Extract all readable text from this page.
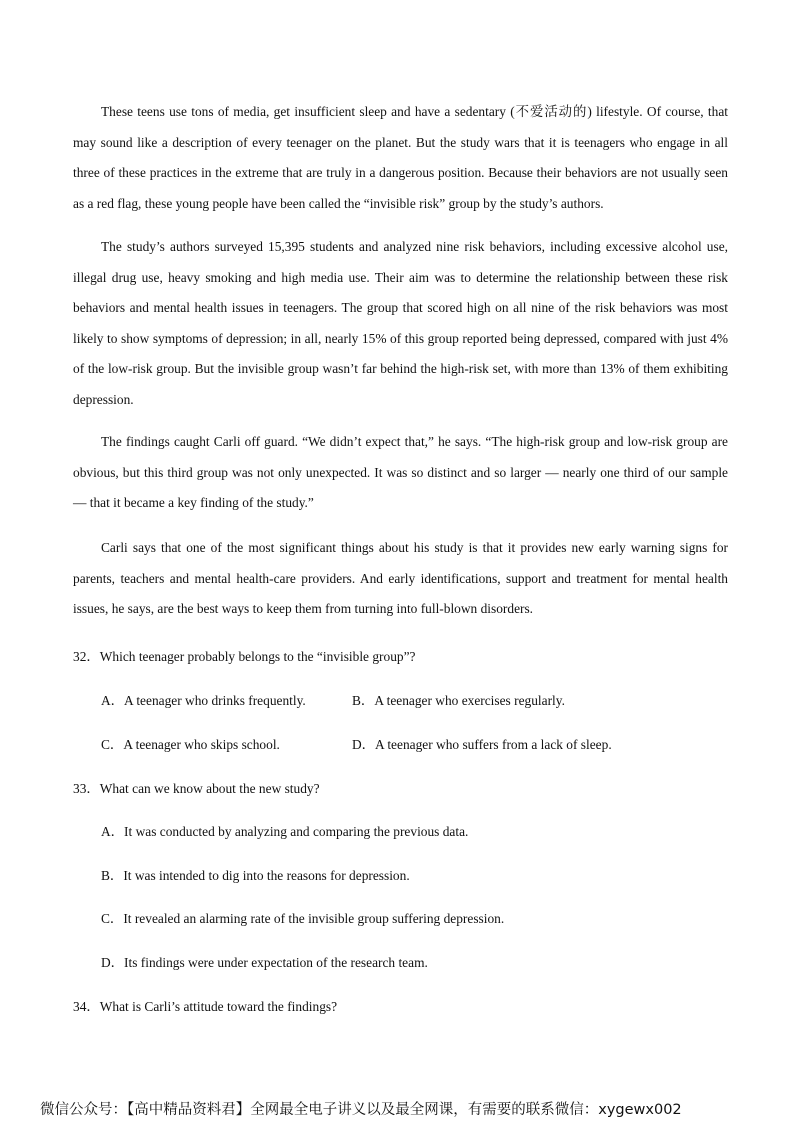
These teens use tons of media, get insufficient sleep and have a sedentary (不爱活动的) lifestyle. Of course, that may sound like a description of every teenager on the planet. But the study wars that it is teenagers who engage in all three of these practices in the extreme that are truly in a dangerous position. Because their behaviors are not usually seen as a red flag, these young people have been called the “invisible risk” group by the study’s authors.

The study’s authors surveyed 15,395 students and analyzed nine risk behaviors, including excessive alcohol use, illegal drug use, heavy smoking and high media use. Their aim was to determine the relationship between these risk behaviors and mental health issues in teenagers. The group that scored high on all nine of the risk behaviors was most likely to show symptoms of depression; in all, nearly 15% of this group reported being depressed, compared with just 4% of the low-risk group. But the invisible group wasn’t far behind the high-risk set, with more than 13% of them exhibiting depression.

The findings caught Carli off guard. “We didn’t expect that,” he says. “The high-risk group and low-risk group are obvious, but this third group was not only unexpected. It was so distinct and so larger — nearly one third of our sample — that it became a key finding of the study.”

Carli says that one of the most significant things about his study is that it provides new early warning signs for parents, teachers and mental health-care providers. And early identifications, support and treatment for mental health issues, he says, are the best ways to keep them from turning into full-blown disorders.

32．Which teenager probably belongs to the “invisible group”?

A．A teenager who drinks frequently.	B．A teenager who exercises regularly.

C．A teenager who skips school.	D．A teenager who suffers from a lack of sleep.

33．What can we know about the new study?

A．It was conducted by analyzing and comparing the previous data.

B．It was intended to dig into the reasons for depression.

C．It revealed an alarming rate of the invisible group suffering depression.

D．Its findings were under expectation of the research team.

34．What is Carli’s attitude toward the findings?

微信公众号：【高中精品资料君】全网最全电子讲义以及最全网课，有需要的联系微信：xygewx002
